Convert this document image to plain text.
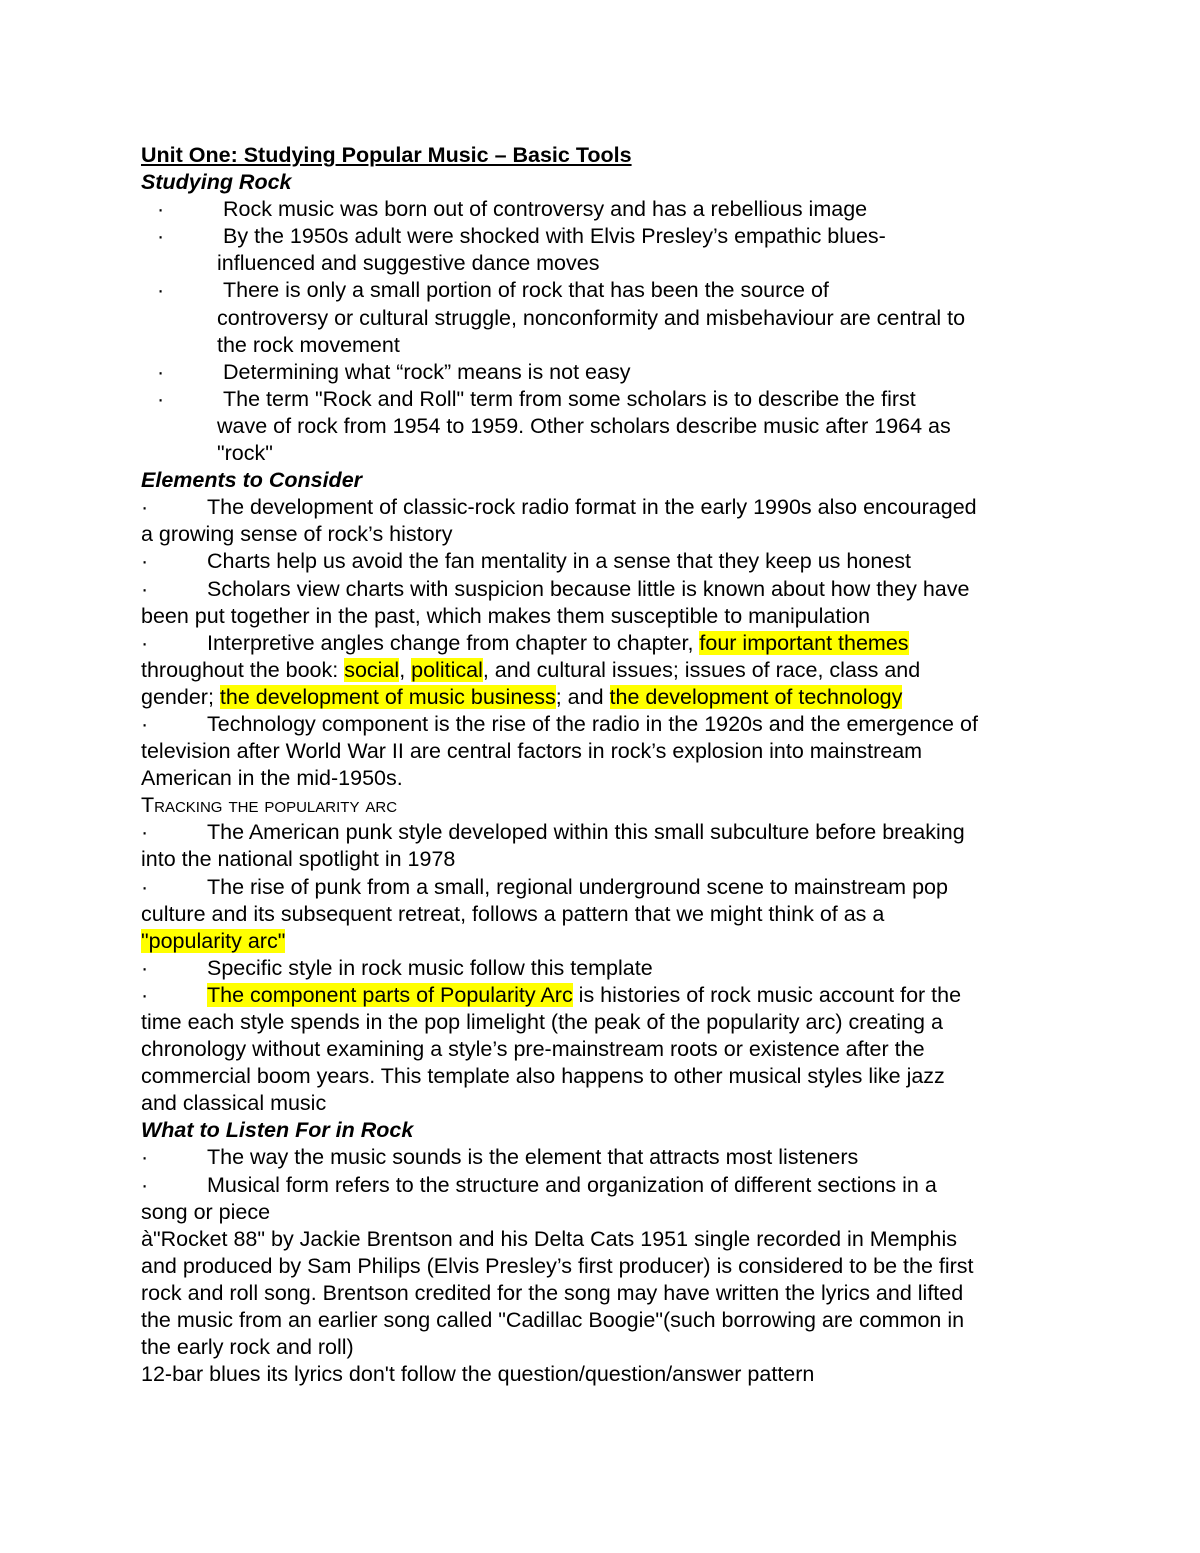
Unit One: Studying Popular Music – Basic Tools
Studying Rock
·	Rock music was born out of controversy and has a rebellious image
·	By the 1950s adult were shocked with Elvis Presley’s empathic blues-
influenced and suggestive dance moves
·	There is only a small portion of rock that has been the source of
controversy or cultural struggle, nonconformity and misbehaviour are central to
the rock movement
·	Determining what “rock” means is not easy
·	The term "Rock and Roll" term from some scholars is to describe the first
wave of rock from 1954 to 1959. Other scholars describe music after 1964 as
"rock"
Elements to Consider
·	The development of classic-rock radio format in the early 1990s also encouraged
a growing sense of rock’s history
·	Charts help us avoid the fan mentality in a sense that they keep us honest
·	Scholars view charts with suspicion because little is known about how they have
been put together in the past, which makes them susceptible to manipulation
·	Interpretive angles change from chapter to chapter, four important themes
throughout the book: social, political, and cultural issues; issues of race, class and
gender; the development of music business; and the development of technology
·	Technology component is the rise of the radio in the 1920s and the emergence of
television after World War II are central factors in rock’s explosion into mainstream
American in the mid-1950s.
Tracking the popularity arc
·	The American punk style developed within this small subculture before breaking
into the national spotlight in 1978
·	The rise of punk from a small, regional underground scene to mainstream pop
culture and its subsequent retreat, follows a pattern that we might think of as a
"popularity arc"
·	Specific style in rock music follow this template
·	The component parts of Popularity Arc is histories of rock music account for the
time each style spends in the pop limelight (the peak of the popularity arc) creating a
chronology without examining a style’s pre-mainstream roots or existence after the
commercial boom years. This template also happens to other musical styles like jazz
and classical music
What to Listen For in Rock
·	The way the music sounds is the element that attracts most listeners
·	Musical form refers to the structure and organization of different sections in a
song or piece
à"Rocket 88" by Jackie Brentson and his Delta Cats 1951 single recorded in Memphis
and produced by Sam Philips (Elvis Presley’s first producer) is considered to be the first
rock and roll song. Brentson credited for the song may have written the lyrics and lifted
the music from an earlier song called "Cadillac Boogie"(such borrowing are common in
the early rock and roll)
12-bar blues its lyrics don't follow the question/question/answer pattern
